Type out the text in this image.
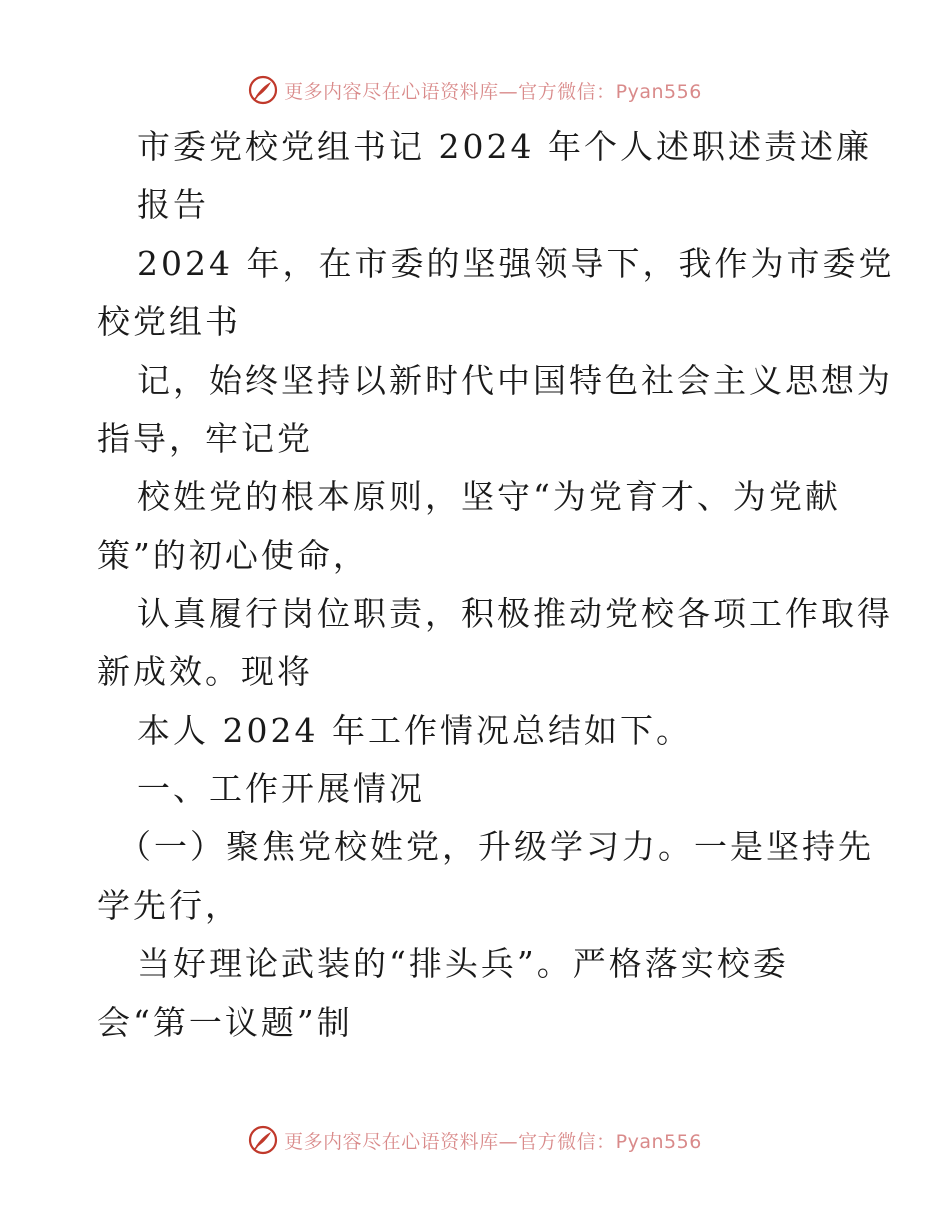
更多内容尽在心语资料库—官方微信：Pyan556
市委党校党组书记 2024 年个人述职述责述廉
报告
2024 年，在市委的坚强领导下，我作为市委党
校党组书
记，始终坚持以新时代中国特色社会主义思想为
指导，牢记党
校姓党的根本原则，坚守“为党育才、为党献
策”的初心使命，
认真履行岗位职责，积极推动党校各项工作取得
新成效。现将
本人 2024 年工作情况总结如下。
一、工作开展情况
（一）聚焦党校姓党，升级学习力。一是坚持先
学先行，
当好理论武装的“排头兵”。严格落实校委
会“第一议题”制
更多内容尽在心语资料库—官方微信：Pyan556
